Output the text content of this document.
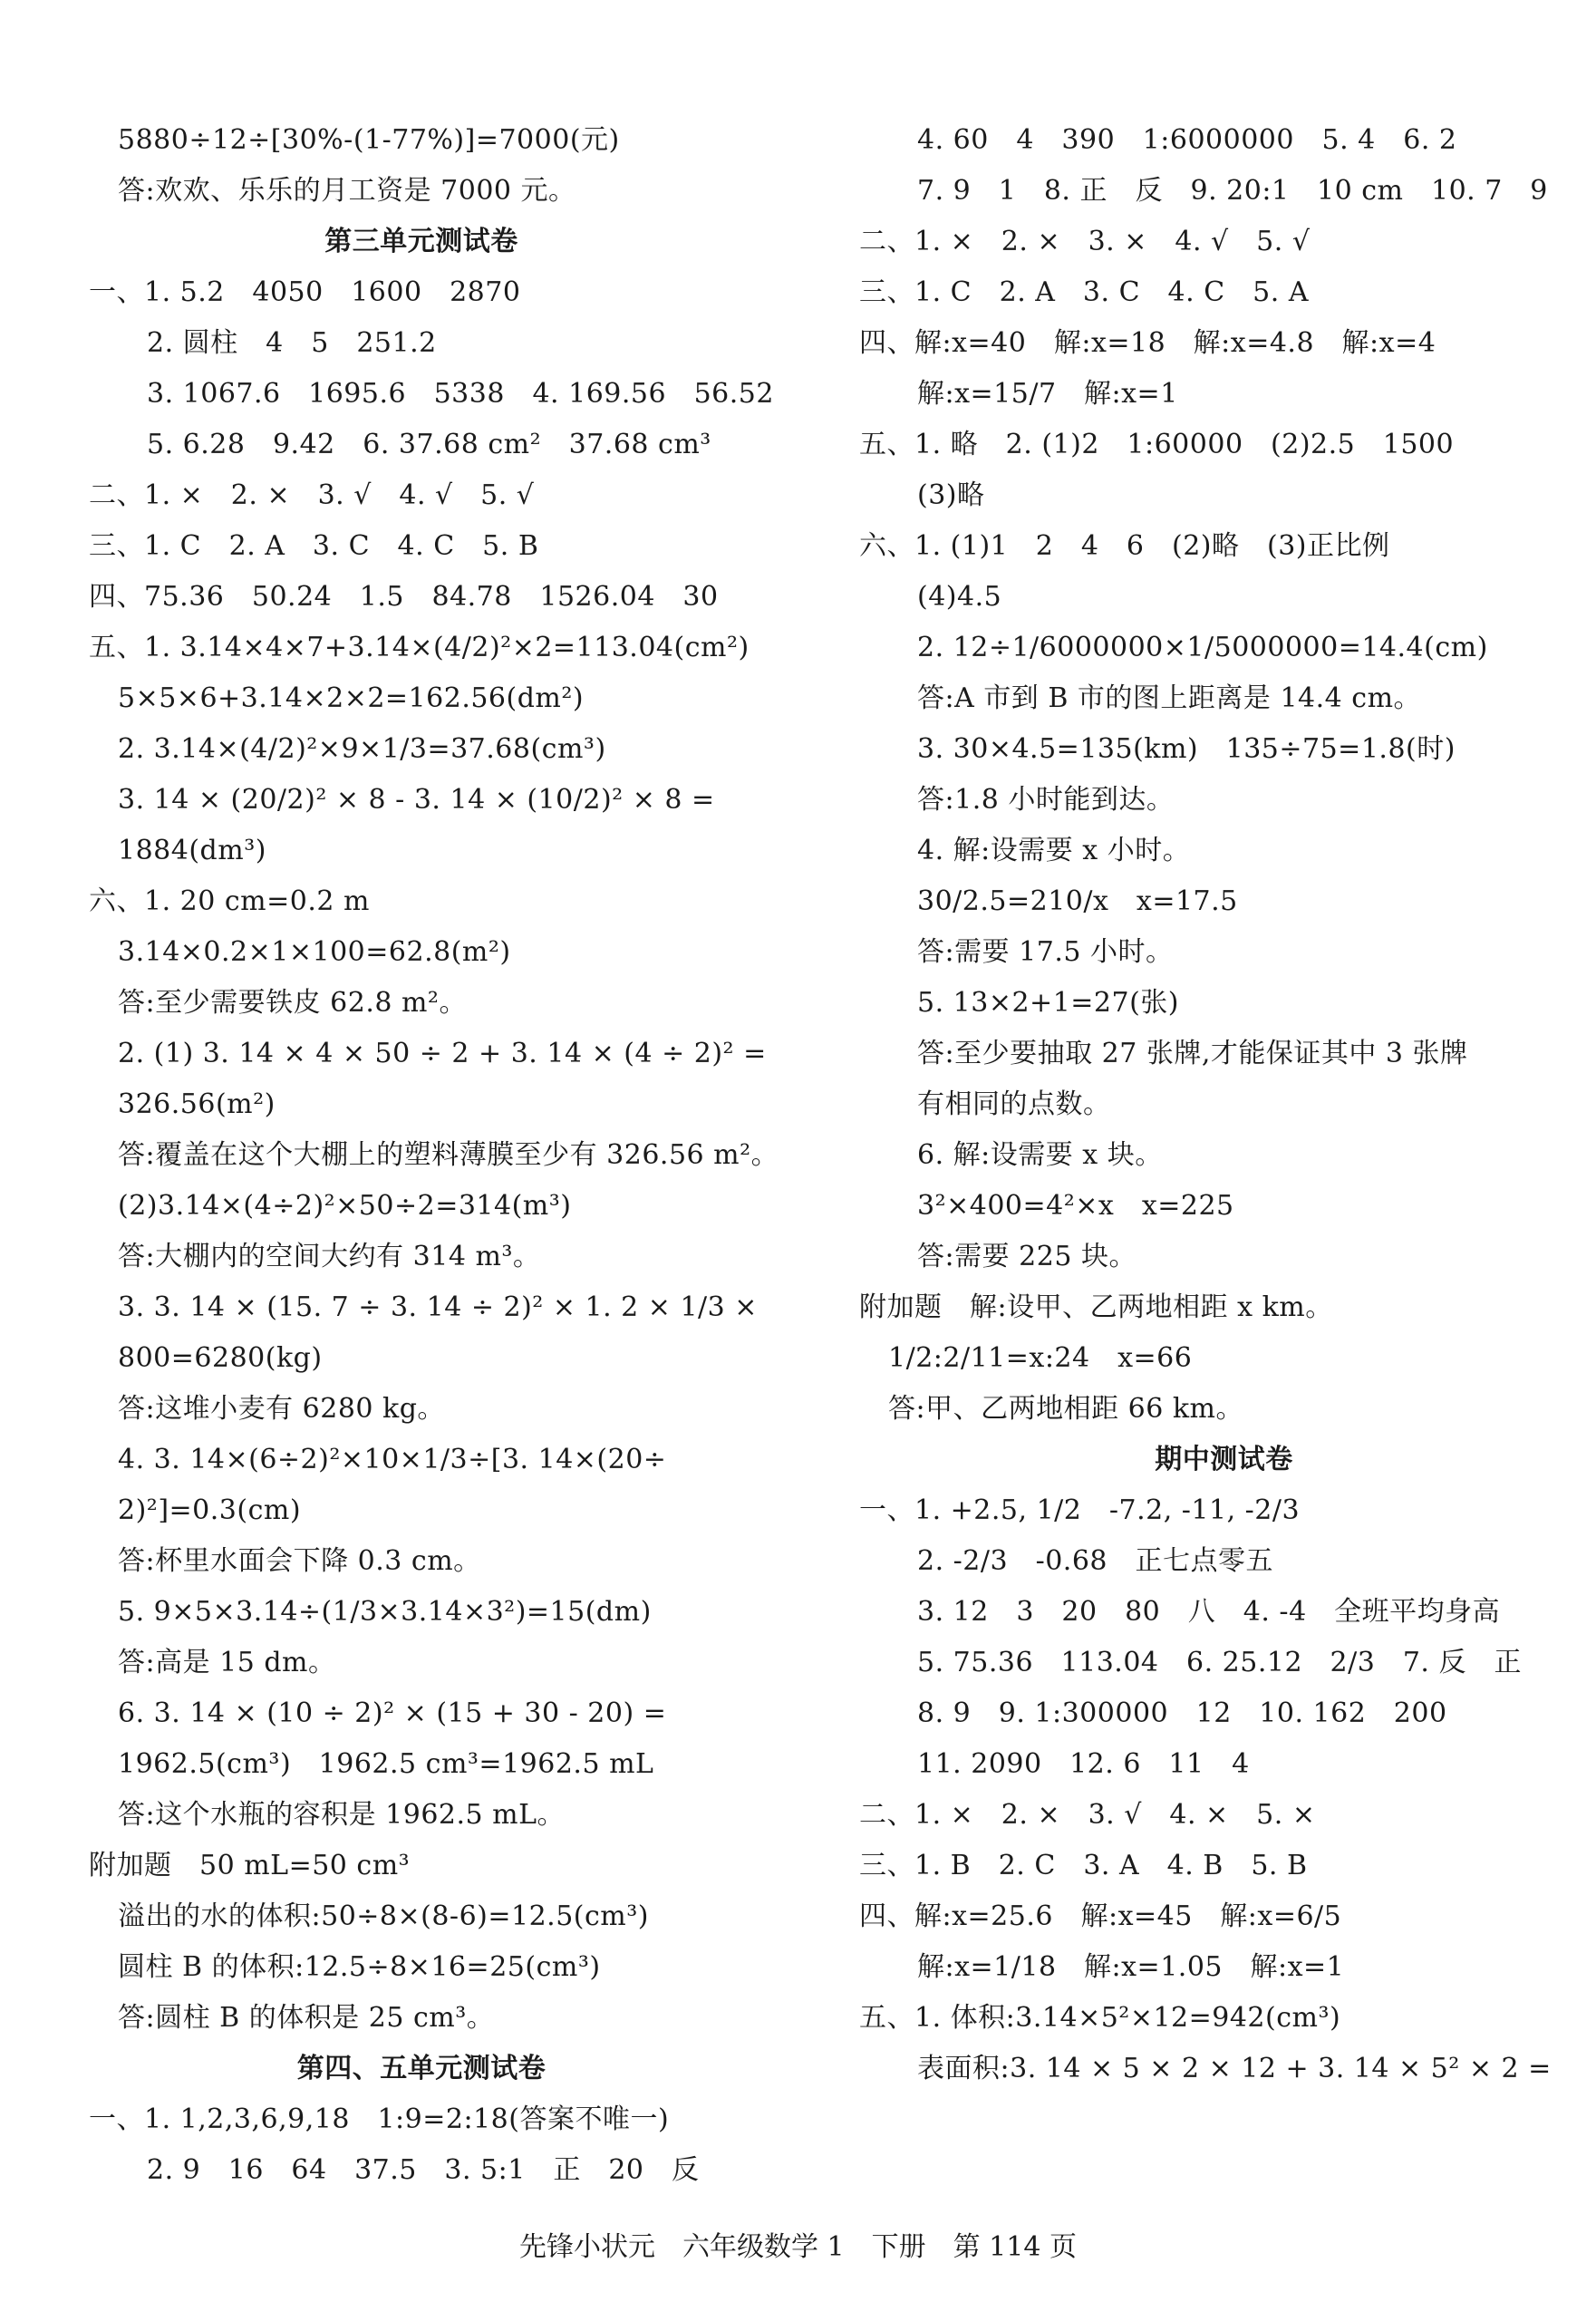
5880÷12÷[30%-(1-77%)]=7000(元)
答:欢欢、乐乐的月工资是 7000 元。
第三单元测试卷
一、1. 5.2　4050　1600　2870
2. 圆柱　4　5　251.2
3. 1067.6　1695.6　5338　4. 169.56　56.52
5. 6.28　9.42　6. 37.68 cm²　37.68 cm³
二、1. ×　2. ×　3. √　4. √　5. √
三、1. C　2. A　3. C　4. C　5. B
四、75.36　50.24　1.5　84.78　1526.04　30
五、1. 3.14×4×7+3.14×(4/2)²×2=113.04(cm²)
5×5×6+3.14×2×2=162.56(dm²)
2. 3.14×(4/2)²×9×1/3=37.68(cm³)
3. 14 × (20/2)² × 8 - 3. 14 × (10/2)² × 8 =
1884(dm³)
六、1. 20 cm=0.2 m
3.14×0.2×1×100=62.8(m²)
答:至少需要铁皮 62.8 m²。
2. (1) 3. 14 × 4 × 50 ÷ 2 + 3. 14 × (4 ÷ 2)² =
326.56(m²)
答:覆盖在这个大棚上的塑料薄膜至少有 326.56 m²。
(2)3.14×(4÷2)²×50÷2=314(m³)
答:大棚内的空间大约有 314 m³。
3. 3. 14 × (15. 7 ÷ 3. 14 ÷ 2)² × 1. 2 × 1/3 ×
800=6280(kg)
答:这堆小麦有 6280 kg。
4. 3. 14×(6÷2)²×10×1/3÷[3. 14×(20÷
2)²]=0.3(cm)
答:杯里水面会下降 0.3 cm。
5. 9×5×3.14÷(1/3×3.14×3²)=15(dm)
答:高是 15 dm。
6. 3. 14 × (10 ÷ 2)² × (15 + 30 - 20) =
1962.5(cm³)　1962.5 cm³=1962.5 mL
答:这个水瓶的容积是 1962.5 mL。
附加题　50 mL=50 cm³
溢出的水的体积:50÷8×(8-6)=12.5(cm³)
圆柱 B 的体积:12.5÷8×16=25(cm³)
答:圆柱 B 的体积是 25 cm³。
第四、五单元测试卷
一、1. 1,2,3,6,9,18　1:9=2:18(答案不唯一)
2. 9　16　64　37.5　3. 5:1　正　20　反
4. 60　4　390　1:6000000　5. 4　6. 2
7. 9　1　8. 正　反　9. 20:1　10 cm　10. 7　9
二、1. ×　2. ×　3. ×　4. √　5. √
三、1. C　2. A　3. C　4. C　5. A
四、解:x=40　解:x=18　解:x=4.8　解:x=4
解:x=15/7　解:x=1
五、1. 略　2. (1)2　1:60000　(2)2.5　1500
(3)略
六、1. (1)1　2　4　6　(2)略　(3)正比例
(4)4.5
2. 12÷1/6000000×1/5000000=14.4(cm)
答:A 市到 B 市的图上距离是 14.4 cm。
3. 30×4.5=135(km)　135÷75=1.8(时)
答:1.8 小时能到达。
4. 解:设需要 x 小时。
30/2.5=210/x　x=17.5
答:需要 17.5 小时。
5. 13×2+1=27(张)
答:至少要抽取 27 张牌,才能保证其中 3 张牌
有相同的点数。
6. 解:设需要 x 块。
3²×400=4²×x　x=225
答:需要 225 块。
附加题　解:设甲、乙两地相距 x km。
1/2:2/11=x:24　x=66
答:甲、乙两地相距 66 km。
期中测试卷
一、1. +2.5, 1/2　-7.2, -11, -2/3
2. -2/3　-0.68　正七点零五
3. 12　3　20　80　八　4. -4　全班平均身高
5. 75.36　113.04　6. 25.12　2/3　7. 反　正
8. 9　9. 1:300000　12　10. 162　200
11. 2090　12. 6　11　4
二、1. ×　2. ×　3. √　4. ×　5. ×
三、1. B　2. C　3. A　4. B　5. B
四、解:x=25.6　解:x=45　解:x=6/5
解:x=1/18　解:x=1.05　解:x=1
五、1. 体积:3.14×5²×12=942(cm³)
表面积:3. 14 × 5 × 2 × 12 + 3. 14 × 5² × 2 =
先锋小状元　六年级数学 1　下册　第 114 页
